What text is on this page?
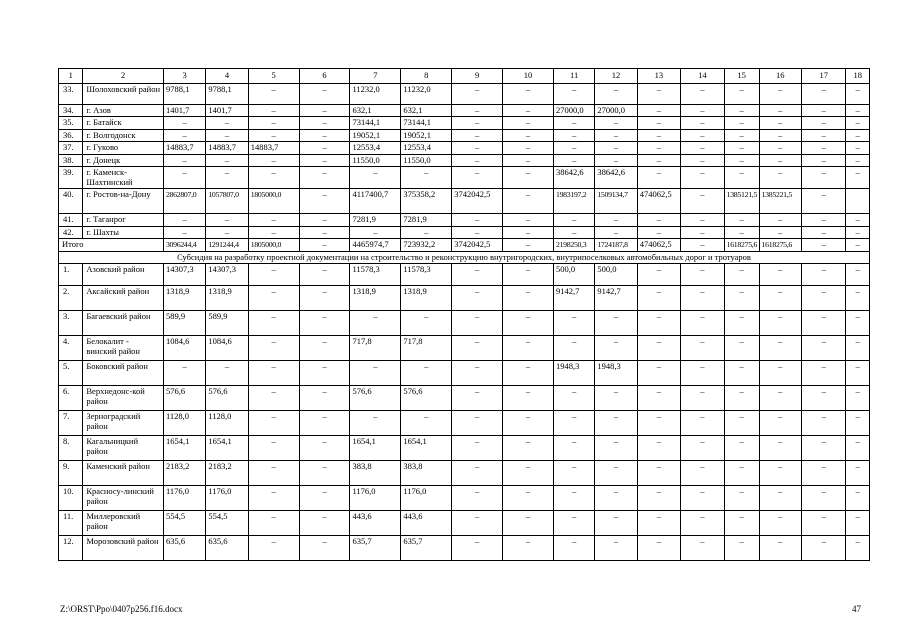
1	2	3	4	5	6	7	8	9	10	11	12	13	14	15	16	17	18
33.	Шолоховский район	9788,1	9788,1	–	–	11232,0	11232,0	–	–	–	–	–	–	–	–	–	–
34.	г. Азов	1401,7	1401,7	–	–	632,1	632,1	–	–	27000,0	27000,0	–	–	–	–	–	–
35.	г. Батайск	–	–	–	–	73144,1	73144,1	–	–	–	–	–	–	–	–	–	–
36.	г. Волгодонск	–	–	–	–	19052,1	19052,1	–	–	–	–	–	–	–	–	–	–
37.	г. Гуково	14883,7	14883,7	14883,7	–	12553,4	12553,4	–	–	–	–	–	–	–	–	–	–
38.	г. Донецк	–	–	–	–	11550,0	11550,0	–	–	–	–	–	–	–	–	–	–
39.	г. Каменск-Шахтинский	–	–	–	–	–	–	–	–	38642,6	38642,6	–	–	–	–	–	–
40.	г. Ростов-на-Дону	2862807,0	1057807,0	1805000,0	–	4117400,7	375358,2	3742042,5	–	1983197,2	1509134,7	474062,5	–	1385121,5	1385221,5	–	
41.	г. Таганрог	–	–	–	–	7281,9	7281,9	–	–	–	–	–	–	–	–	–	–
42.	г. Шахты	–	–	–	–	–	–	–	–	–	–	–	–	–	–	–	–
Итого		3096244,4	1291244,4	1805000,0	–	4465974,7	723932,2	3742042,5	–	2198250,3	1724187,8	474062,5	–	1618275,6	1618275,6	–	–
Субсидия на разработку проектной документации на строительство и реконструкцию внутригородских, внутрипоселковых автомобильных дорог и тротуаров																	
1.	Азовский район	14307,3	14307,3	–	–	11578,3	11578,3	–	–	500,0	500,0	–	–	–	–	–	–
2.	Аксайский район	1318,9	1318,9	–	–	1318,9	1318,9	–	–	9142,7	9142,7	–	–	–	–	–	–
3.	Багаевский район	589,9	589,9	–	–	–	–	–	–	–	–	–	–	–	–	–	–
4.	Белокалит - винский район	1084,6	1084,6	–	–	717,8	717,8	–	–	–	–	–	–	–	–	–	–
5.	Боковский район	–	–	–	–	–	–	–	–	1948,3	1948,3	–	–	–	–	–	–
6.	Верхнедонс-кой район	576,6	576,6	–	–	576,6	576,6	–	–	–	–	–	–	–	–	–	–
7.	Зерноградский район	1128,0	1128,0	–	–	–	–	–	–	–	–	–	–	–	–	–	–
8.	Кагальницкий район	1654,1	1654,1	–	–	1654,1	1654,1	–	–	–	–	–	–	–	–	–	–
9.	Каменский район	2183,2	2183,2	–	–	383,8	383,8	–	–	–	–	–	–	–	–	–	–
10.	Красносу-линский район	1176,0	1176,0	–	–	1176,0	1176,0	–	–	–	–	–	–	–	–	–	–
11.	Миллеровский район	554,5	554,5	–	–	443,6	443,6	–	–	–	–	–	–	–	–	–	–
12.	Морозовский район	635,6	635,6	–	–	635,7	635,7	–	–	–	–	–	–	–	–	–	–
Z:\ORST\Ppo\0407p256.f16.docx	47
